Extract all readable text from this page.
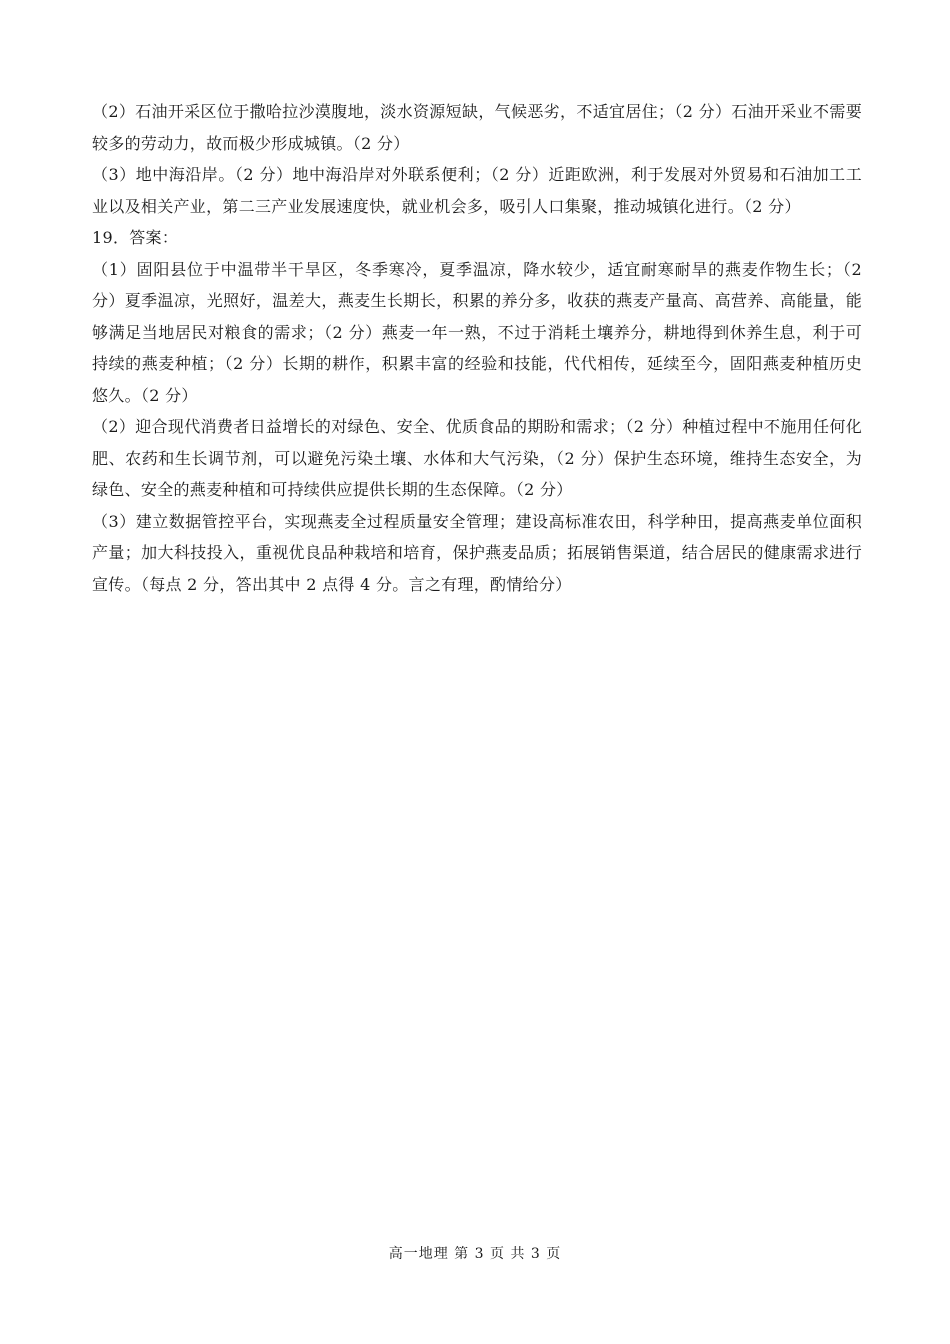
（2）石油开采区位于撒哈拉沙漠腹地，淡水资源短缺，气候恶劣，不适宜居住；（2 分）石油开采业不需要较多的劳动力，故而极少形成城镇。（2 分）

（3）地中海沿岸。（2 分）地中海沿岸对外联系便利；（2 分）近距欧洲，利于发展对外贸易和石油加工工业以及相关产业，第二三产业发展速度快，就业机会多，吸引人口集聚，推动城镇化进行。（2 分）

19．答案：

（1）固阳县位于中温带半干旱区，冬季寒冷，夏季温凉，降水较少，适宜耐寒耐旱的燕麦作物生长；（2 分）夏季温凉，光照好，温差大，燕麦生长期长，积累的养分多，收获的燕麦产量高、高营养、高能量，能够满足当地居民对粮食的需求；（2 分）燕麦一年一熟，不过于消耗土壤养分，耕地得到休养生息，利于可持续的燕麦种植；（2 分）长期的耕作，积累丰富的经验和技能，代代相传，延续至今，固阳燕麦种植历史悠久。（2 分）

（2）迎合现代消费者日益增长的对绿色、安全、优质食品的期盼和需求；（2 分）种植过程中不施用任何化肥、农药和生长调节剂，可以避免污染土壤、水体和大气污染，（2 分）保护生态环境，维持生态安全，为绿色、安全的燕麦种植和可持续供应提供长期的生态保障。（2 分）

（3）建立数据管控平台，实现燕麦全过程质量安全管理；建设高标准农田，科学种田，提高燕麦单位面积产量；加大科技投入，重视优良品种栽培和培育，保护燕麦品质；拓展销售渠道，结合居民的健康需求进行宣传。（每点 2 分，答出其中 2 点得 4 分。言之有理，酌情给分）

高一地理 第 3 页 共 3 页
